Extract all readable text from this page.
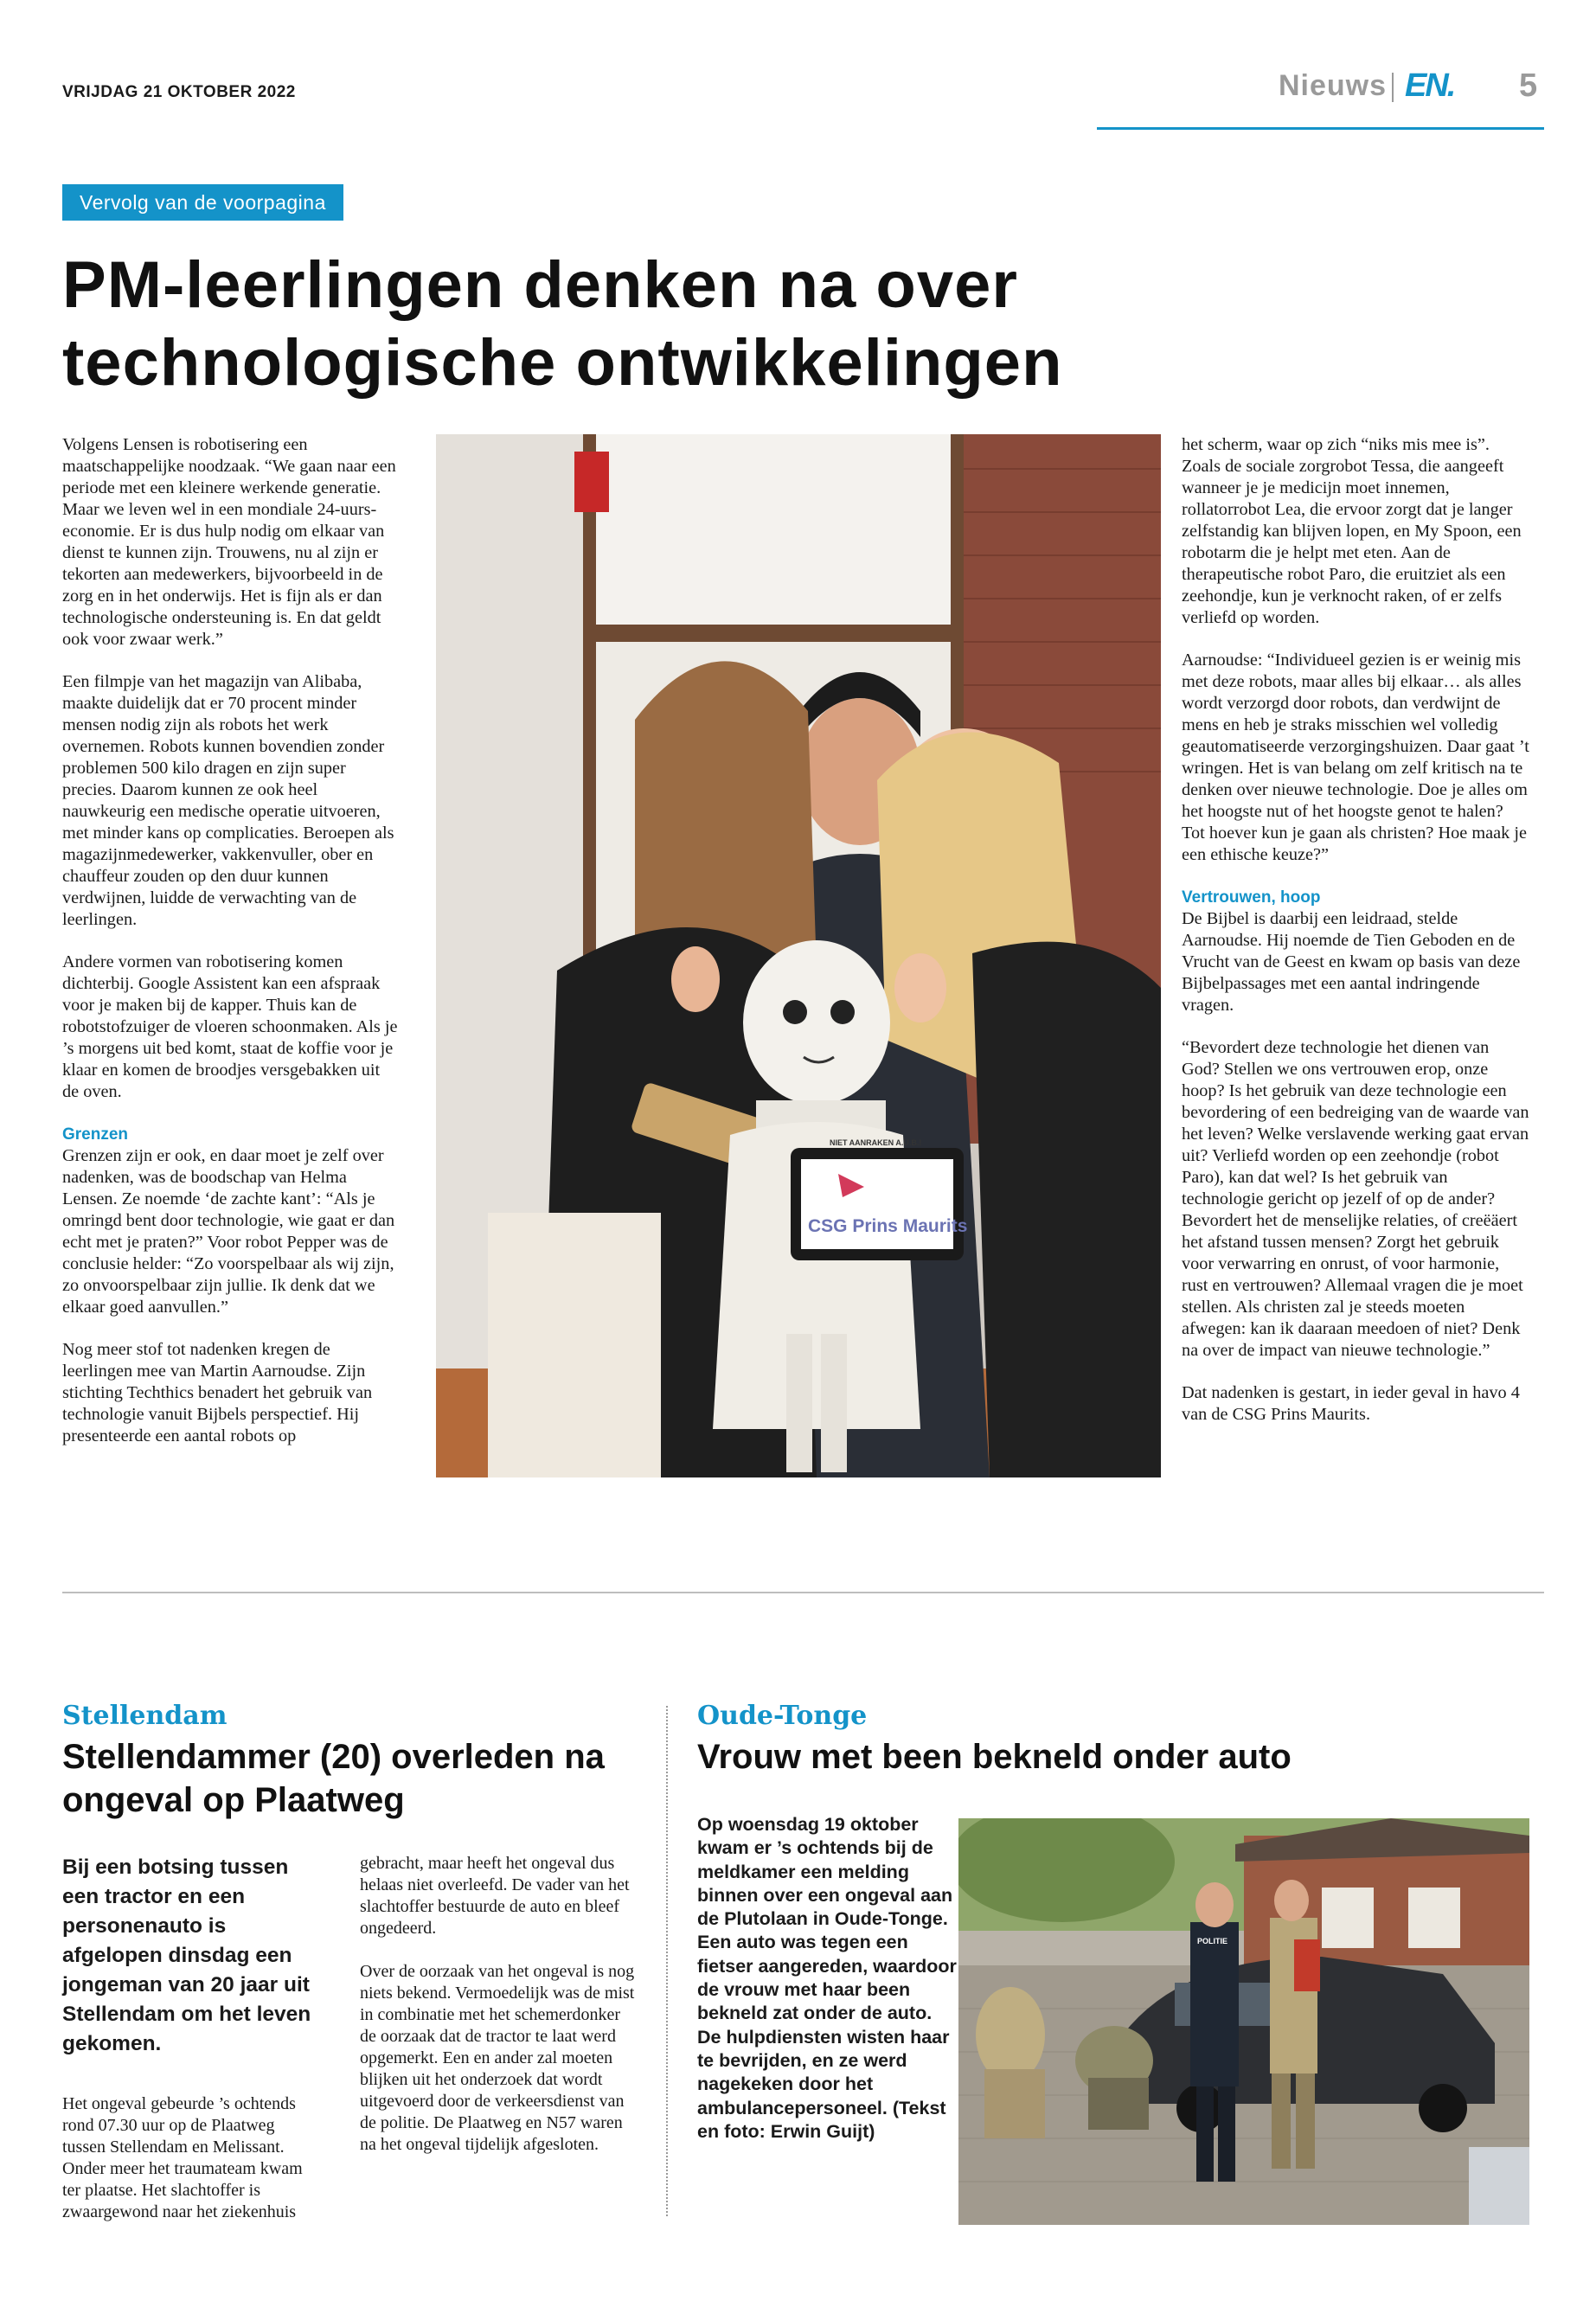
VRIJDAG 21 OKTOBER 2022	Nieuws EN. 5
Vervolg van de voorpagina
PM-leerlingen denken na over
technologische ontwikkelingen

Volgens Lensen is robotisering een maatschappelijke noodzaak. “We gaan naar een periode met een kleinere werkende generatie. Maar we leven wel in een mondiale 24-uurs-economie. Er is dus hulp nodig om elkaar van dienst te kunnen zijn. Trouwens, nu al zijn er tekorten aan medewerkers, bijvoorbeeld in de zorg en in het onderwijs. Het is fijn als er dan technologische ondersteuning is. En dat geldt ook voor zwaar werk.”

Een filmpje van het magazijn van Alibaba, maakte duidelijk dat er 70 procent minder mensen nodig zijn als robots het werk overnemen. Robots kunnen bovendien zonder problemen 500 kilo dragen en zijn super precies. Daarom kunnen ze ook heel nauwkeurig een medische operatie uitvoeren, met minder kans op complicaties. Beroepen als magazijnmedewerker, vakkenvuller, ober en chauffeur zouden op den duur kunnen verdwijnen, luidde de verwachting van de leerlingen.

Andere vormen van robotisering komen dichterbij. Google Assistent kan een afspraak voor je maken bij de kapper. Thuis kan de robotstofzuiger de vloeren schoonmaken. Als je ’s morgens uit bed komt, staat de koffie voor je klaar en komen de broodjes versgebakken uit de oven.

Grenzen

Grenzen zijn er ook, en daar moet je zelf over nadenken, was de boodschap van Helma Lensen. Ze noemde ‘de zachte kant’: “Als je omringd bent door technologie, wie gaat er dan echt met je praten?” Voor robot Pepper was de conclusie helder: “Zo voorspelbaar als wij zijn, zo onvoorspelbaar zijn jullie. Ik denk dat we elkaar goed aanvullen.”

Nog meer stof tot nadenken kregen de leerlingen mee van Martin Aarnoudse. Zijn stichting Techthics benadert het gebruik van technologie vanuit Bijbels perspectief. Hij presenteerde een aantal robots op

CSG Prins Maurits
NIET AANRAKEN A.U.B.!

het scherm, waar op zich “niks mis mee is”. Zoals de sociale zorgrobot Tessa, die aangeeft wanneer je je medicijn moet innemen, rollatorrobot Lea, die ervoor zorgt dat je langer zelfstandig kan blijven lopen, en My Spoon, een robotarm die je helpt met eten. Aan de therapeutische robot Paro, die eruitziet als een zeehondje, kun je verknocht raken, of er zelfs verliefd op worden.

Aarnoudse: “Individueel gezien is er weinig mis met deze robots, maar alles bij elkaar… als alles wordt verzorgd door robots, dan verdwijnt de mens en heb je straks misschien wel volledig geautomatiseerde verzorgingshuizen. Daar gaat ’t wringen. Het is van belang om zelf kritisch na te denken over nieuwe technologie. Doe je alles om het hoogste nut of het hoogste genot te halen? Tot hoever kun je gaan als christen? Hoe maak je een ethische keuze?”

Vertrouwen, hoop

De Bijbel is daarbij een leidraad, stelde Aarnoudse. Hij noemde de Tien Geboden en de Vrucht van de Geest en kwam op basis van deze Bijbelpassages met een aantal indringende vragen.

“Bevordert deze technologie het dienen van God? Stellen we ons vertrouwen erop, onze hoop? Is het gebruik van deze technologie een bevordering of een bedreiging van de waarde van het leven? Welke verslavende werking gaat ervan uit? Verliefd worden op een zeehondje (robot Paro), kan dat wel? Is het gebruik van technologie gericht op jezelf of op de ander? Bevordert het de menselijke relaties, of creëäert het afstand tussen mensen? Zorgt het gebruik voor verwarring en onrust, of voor harmonie, rust en vertrouwen? Allemaal vragen die je moet stellen. Als christen zal je steeds moeten afwegen: kan ik daaraan meedoen of niet? Denk na over de impact van nieuwe technologie.”

Dat nadenken is gestart, in ieder geval in havo 4 van de CSG Prins Maurits.

Stellendam
Stellendammer (20) overleden na ongeval op Plaatweg
Bij een botsing tussen een tractor en een personenauto is afgelopen dinsdag een jongeman van 20 jaar uit Stellendam om het leven gekomen.
Het ongeval gebeurde ’s ochtends rond 07.30 uur op de Plaatweg tussen Stellendam en Melissant. Onder meer het traumateam kwam ter plaatse. Het slachtoffer is zwaargewond naar het ziekenhuis

gebracht, maar heeft het ongeval dus helaas niet overleefd. De vader van het slachtoffer bestuurde de auto en bleef ongedeerd.

Over de oorzaak van het ongeval is nog niets bekend. Vermoedelijk was de mist in combinatie met het schemerdonker de oorzaak dat de tractor te laat werd opgemerkt. Een en ander zal moeten blijken uit het onderzoek dat wordt uitgevoerd door de verkeersdienst van de politie. De Plaatweg en N57 waren na het ongeval tijdelijk afgesloten.

Oude-Tonge
Vrouw met been bekneld onder auto
Op woensdag 19 oktober kwam er ’s ochtends bij de meldkamer een melding binnen over een ongeval aan de Plutolaan in Oude-Tonge. Een auto was tegen een fietser aangereden, waardoor de vrouw met haar been bekneld zat onder de auto. De hulpdiensten wisten haar te bevrijden, en ze werd nagekeken door het ambulancepersoneel. (Tekst en foto: Erwin Guijt)
POLITIE
